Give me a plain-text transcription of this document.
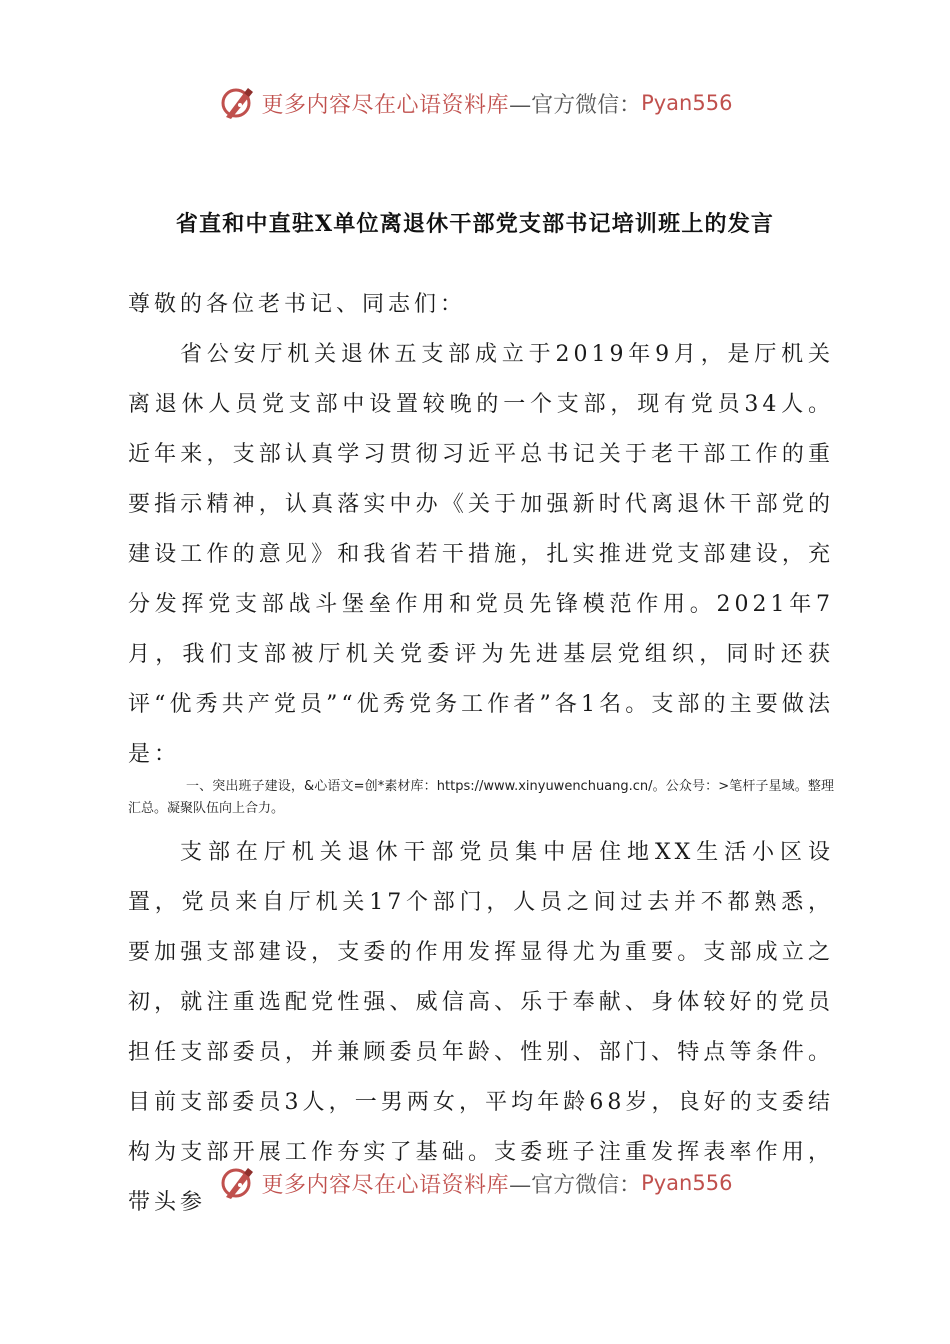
更多内容尽在心语资料库 —官方微信： Pyan556
省直和中直驻X单位离退休干部党支部书记培训班上的发言

尊敬的各位老书记、同志们：

省公安厅机关退休五支部成立于2019年9月，是厅机关离退休人员党支部中设置较晚的一个支部，现有党员34人。近年来，支部认真学习贯彻习近平总书记关于老干部工作的重要指示精神，认真落实中办《关于加强新时代离退休干部党的建设工作的意见》和我省若干措施，扎实推进党支部建设，充分发挥党支部战斗堡垒作用和党员先锋模范作用。2021年7月，我们支部被厅机关党委评为先进基层党组织，同时还获评“优秀共产党员”“优秀党务工作者”各1名。支部的主要做法是：

一、突出班子建设，&心语文=创*素材库：https://www.xinyuwenchuang.cn/。公众号：>笔杆子星域。整理汇总。凝聚队伍向上合力。

支部在厅机关退休干部党员集中居住地XX生活小区设置，党员来自厅机关17个部门，人员之间过去并不都熟悉，要加强支部建设，支委的作用发挥显得尤为重要。支部成立之初，就注重选配党性强、威信高、乐于奉献、身体较好的党员担任支部委员，并兼顾委员年龄、性别、部门、特点等条件。目前支部委员3人，一男两女，平均年龄68岁，良好的支委结构为支部开展工作夯实了基础。支委班子注重发挥表率作用，带头参

更多内容尽在心语资料库 —官方微信： Pyan556
